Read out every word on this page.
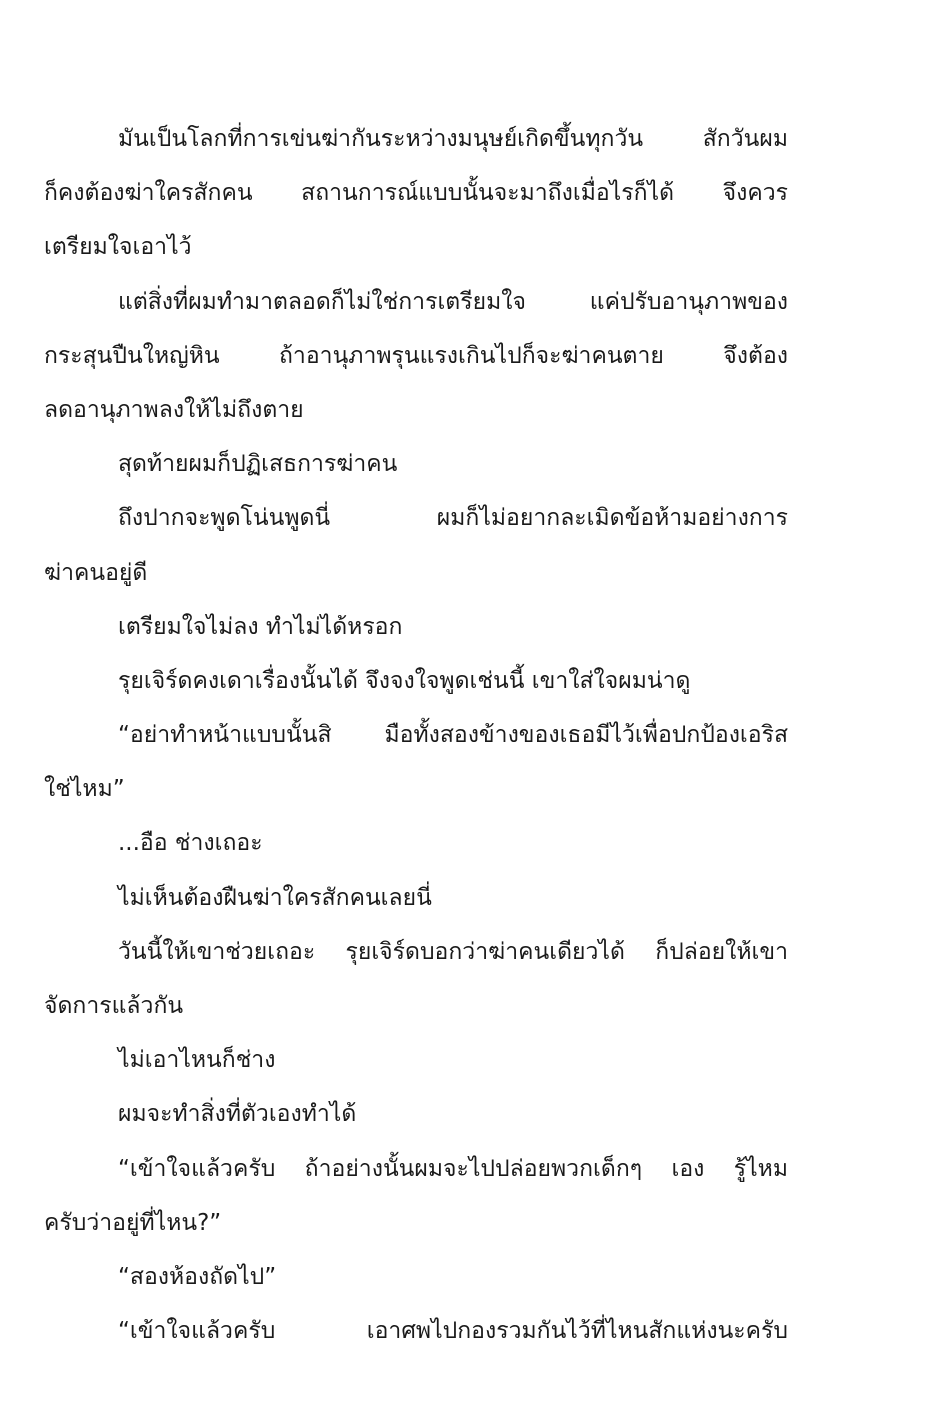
มันเป็นโลกที่การเข่นฆ่ากันระหว่างมนุษย์เกิดขึ้นทุกวัน สักวันผม
ก็คงต้องฆ่าใครสักคน สถานการณ์แบบนั้นจะมาถึงเมื่อไรก็ได้ จึงควร
เตรียมใจเอาไว้
แต่สิ่งที่ผมทำมาตลอดก็ไม่ใช่การเตรียมใจ แค่ปรับอานุภาพของ
กระสุนปืนใหญ่หิน ถ้าอานุภาพรุนแรงเกินไปก็จะฆ่าคนตาย จึงต้อง
ลดอานุภาพลงให้ไม่ถึงตาย
สุดท้ายผมก็ปฏิเสธการฆ่าคน
ถึงปากจะพูดโน่นพูดนี่ ผมก็ไม่อยากละเมิดข้อห้ามอย่างการ
ฆ่าคนอยู่ดี
เตรียมใจไม่ลง ทำไม่ได้หรอก
รุยเจิร์ดคงเดาเรื่องนั้นได้ จึงจงใจพูดเช่นนี้ เขาใส่ใจผมน่าดู
“อย่าทำหน้าแบบนั้นสิ มือทั้งสองข้างของเธอมีไว้เพื่อปกป้องเอริส
ใช่ไหม”
...อือ ช่างเถอะ
ไม่เห็นต้องฝืนฆ่าใครสักคนเลยนี่
วันนี้ให้เขาช่วยเถอะ รุยเจิร์ดบอกว่าฆ่าคนเดียวได้ ก็ปล่อยให้เขา
จัดการแล้วกัน
ไม่เอาไหนก็ช่าง
ผมจะทำสิ่งที่ตัวเองทำได้
“เข้าใจแล้วครับ ถ้าอย่างนั้นผมจะไปปล่อยพวกเด็กๆ เอง รู้ไหม
ครับว่าอยู่ที่ไหน?”
“สองห้องถัดไป”
“เข้าใจแล้วครับ เอาศพไปกองรวมกันไว้ที่ไหนสักแห่งนะครับ
